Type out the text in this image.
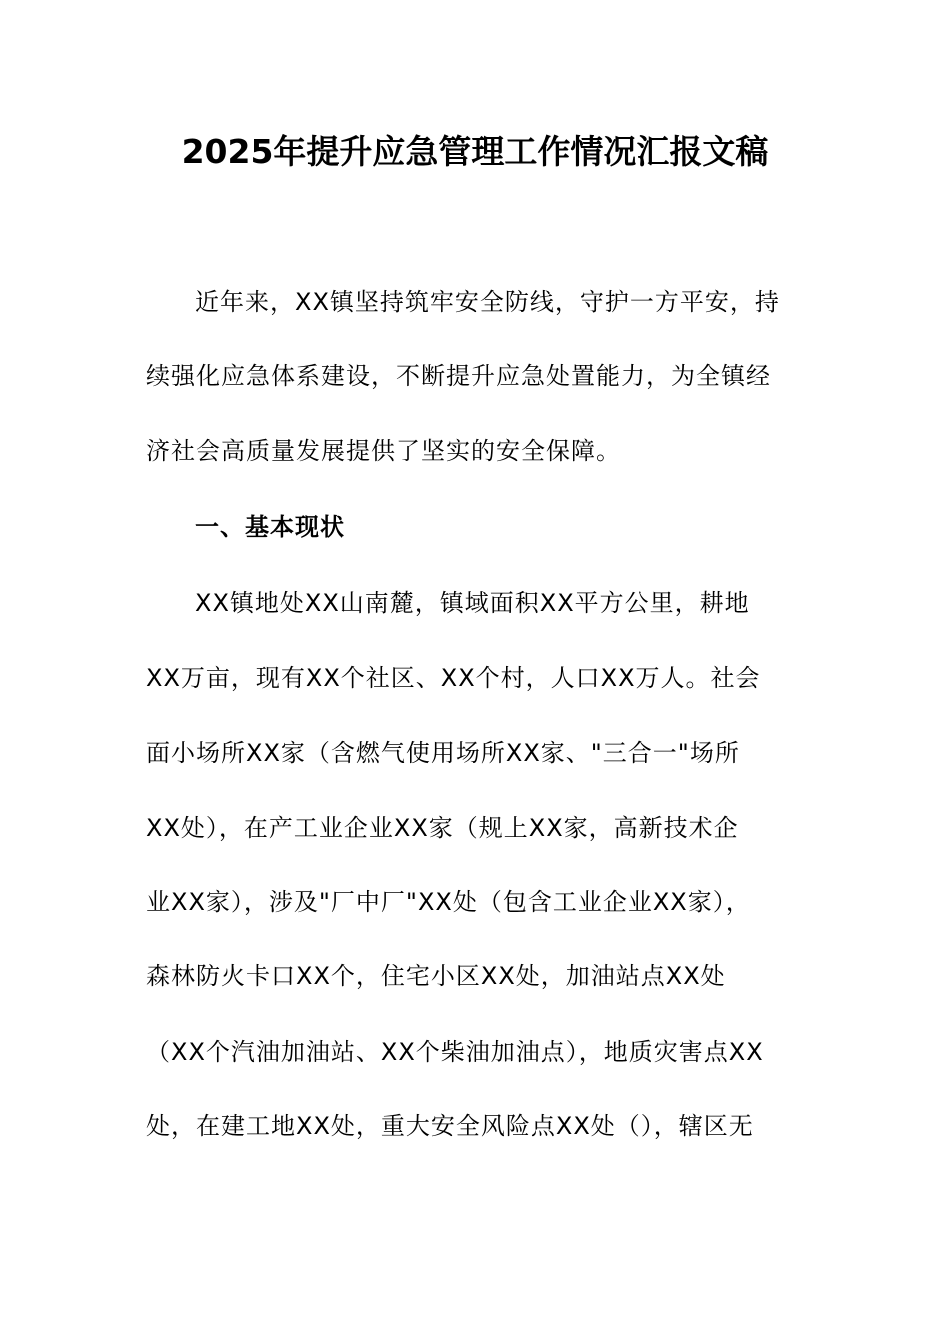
2025年提升应急管理工作情况汇报文稿
近年来，XX镇坚持筑牢安全防线，守护一方平安，持
续强化应急体系建设，不断提升应急处置能力，为全镇经
济社会高质量发展提供了坚实的安全保障。
一、基本现状
XX镇地处XX山南麓，镇域面积XX平方公里，耕地
XX万亩，现有XX个社区、XX个村，人口XX万人。社会
面小场所XX家（含燃气使用场所XX家、"三合一"场所
XX处），在产工业企业XX家（规上XX家，高新技术企
业XX家），涉及"厂中厂"XX处（包含工业企业XX家），
森林防火卡口XX个，住宅小区XX处，加油站点XX处
（XX个汽油加油站、XX个柴油加油点），地质灾害点XX
处，在建工地XX处，重大安全风险点XX处（），辖区无
